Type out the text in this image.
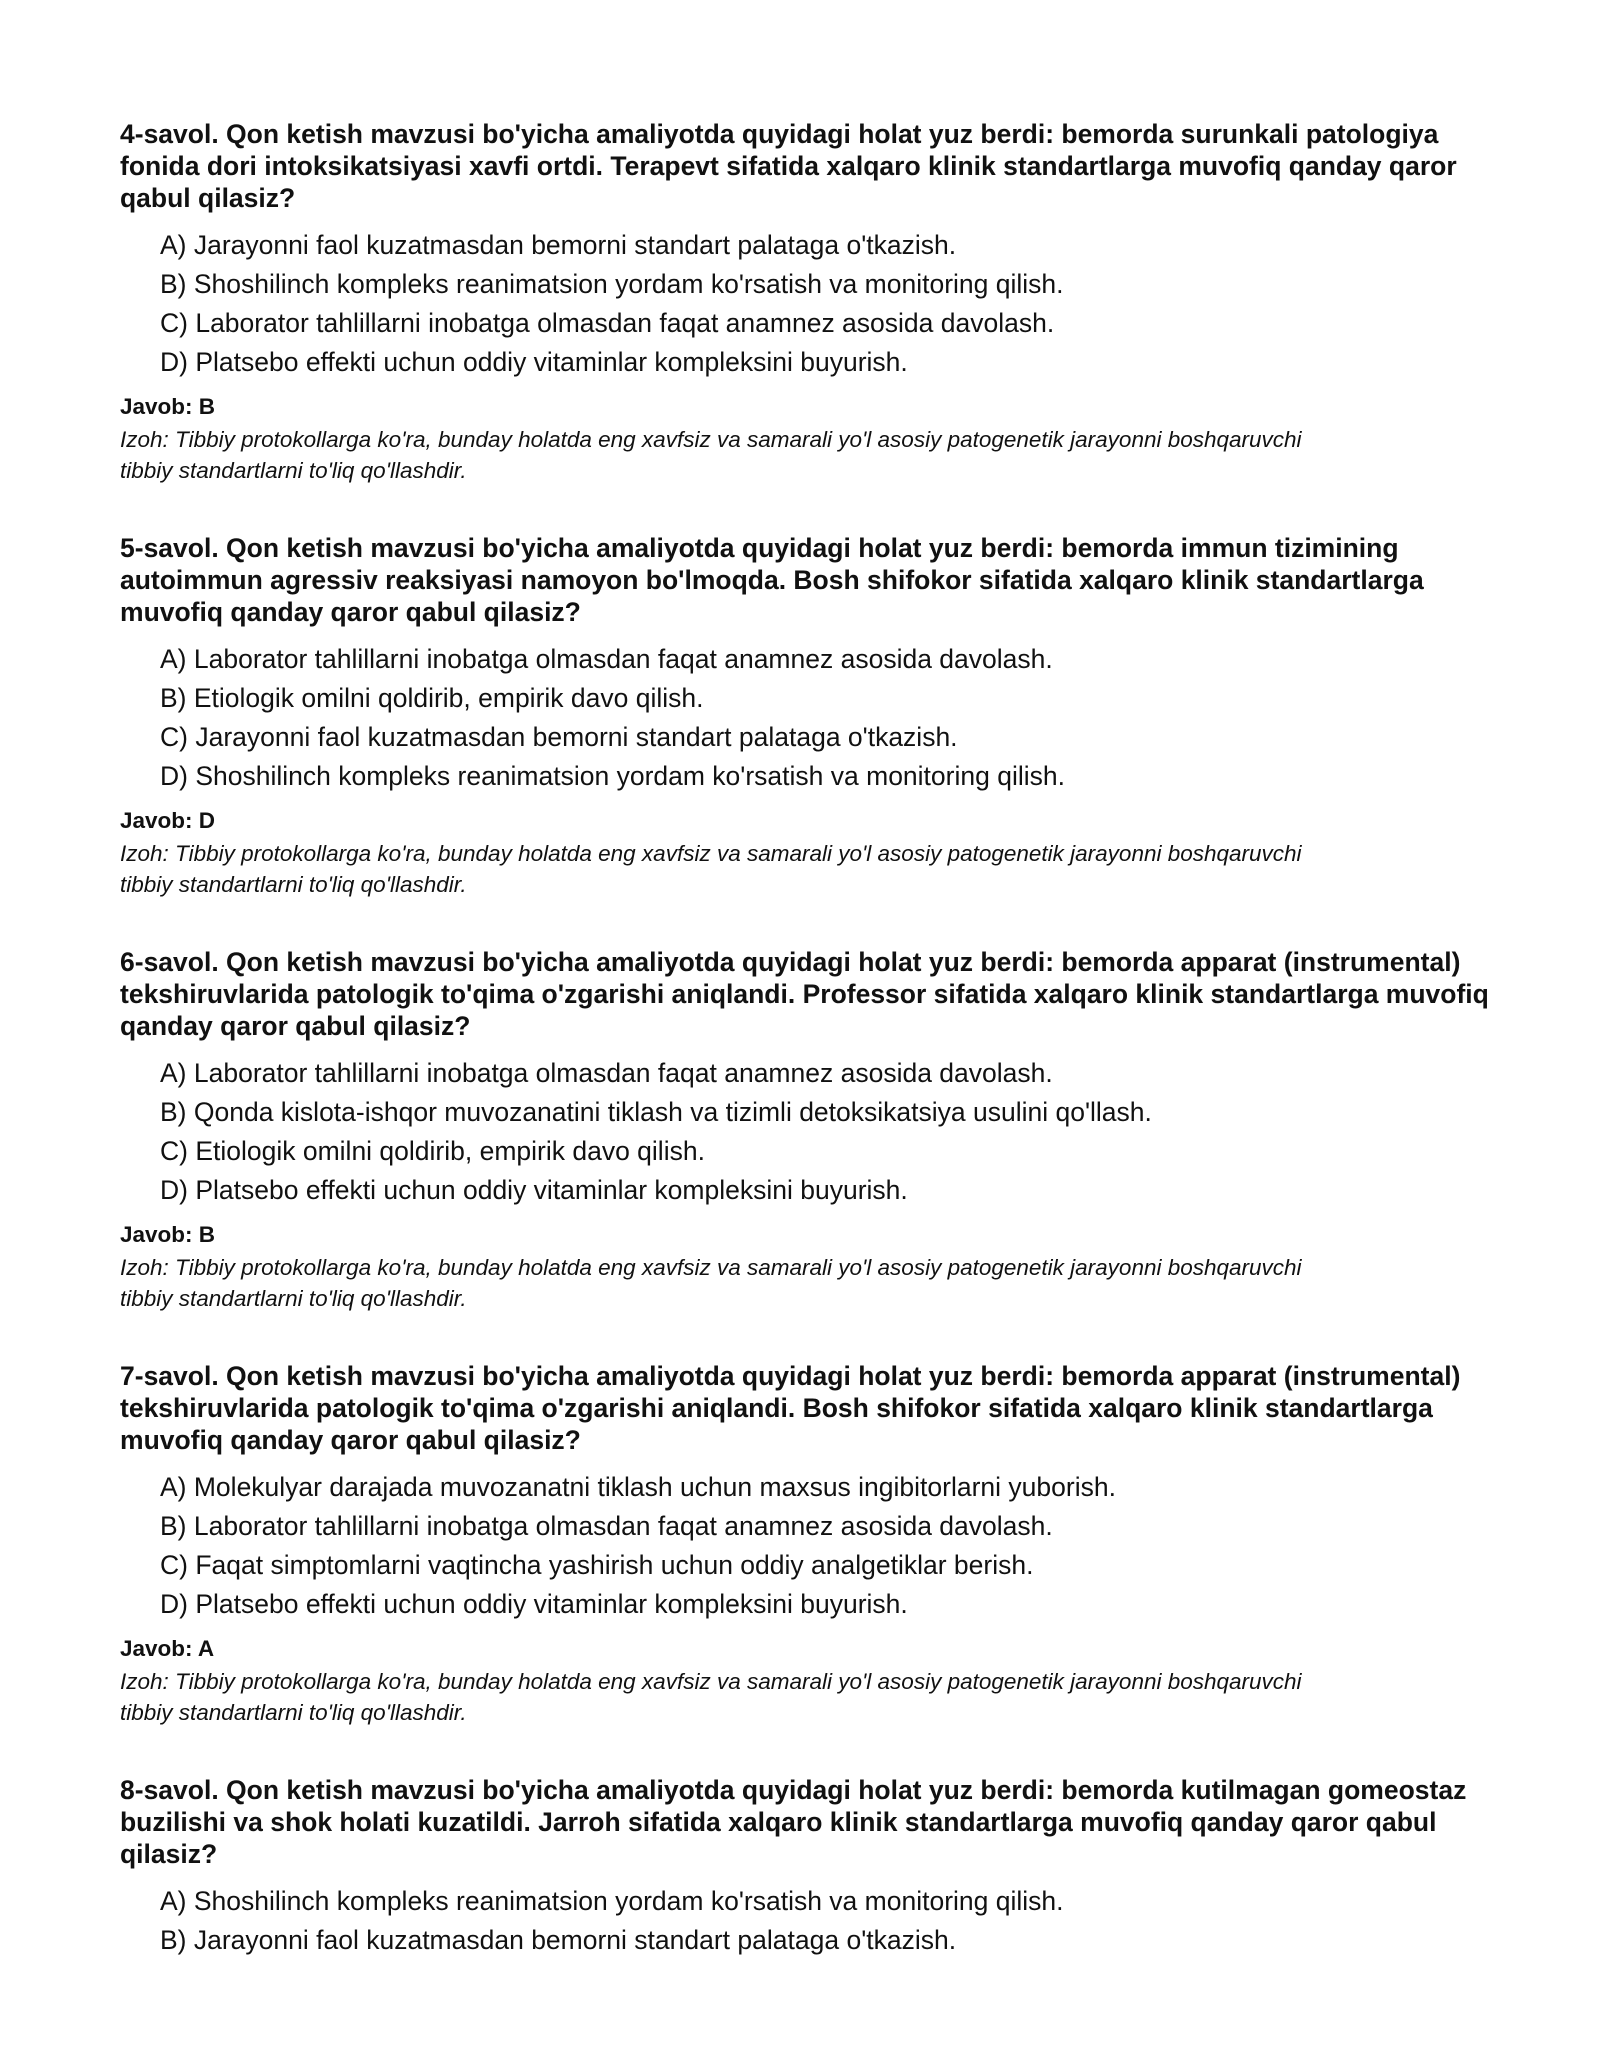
4-savol. Qon ketish mavzusi bo'yicha amaliyotda quyidagi holat yuz berdi: bemorda surunkali patologiya fonida dori intoksikatsiyasi xavfi ortdi. Terapevt sifatida xalqaro klinik standartlarga muvofiq qanday qaror qabul qilasiz?
A) Jarayonni faol kuzatmasdan bemorni standart palataga o'tkazish.
B) Shoshilinch kompleks reanimatsion yordam ko'rsatish va monitoring qilish.
C) Laborator tahlillarni inobatga olmasdan faqat anamnez asosida davolash.
D) Platsebo effekti uchun oddiy vitaminlar kompleksini buyurish.
Javob: B
Izoh: Tibbiy protokollarga ko'ra, bunday holatda eng xavfsiz va samarali yo'l asosiy patogenetik jarayonni boshqaruvchi tibbiy standartlarni to'liq qo'llashdir.
5-savol. Qon ketish mavzusi bo'yicha amaliyotda quyidagi holat yuz berdi: bemorda immun tizimining autoimmun agressiv reaksiyasi namoyon bo'lmoqda. Bosh shifokor sifatida xalqaro klinik standartlarga muvofiq qanday qaror qabul qilasiz?
A) Laborator tahlillarni inobatga olmasdan faqat anamnez asosida davolash.
B) Etiologik omilni qoldirib, empirik davo qilish.
C) Jarayonni faol kuzatmasdan bemorni standart palataga o'tkazish.
D) Shoshilinch kompleks reanimatsion yordam ko'rsatish va monitoring qilish.
Javob: D
Izoh: Tibbiy protokollarga ko'ra, bunday holatda eng xavfsiz va samarali yo'l asosiy patogenetik jarayonni boshqaruvchi tibbiy standartlarni to'liq qo'llashdir.
6-savol. Qon ketish mavzusi bo'yicha amaliyotda quyidagi holat yuz berdi: bemorda apparat (instrumental) tekshiruvlarida patologik to'qima o'zgarishi aniqlandi. Professor sifatida xalqaro klinik standartlarga muvofiq qanday qaror qabul qilasiz?
A) Laborator tahlillarni inobatga olmasdan faqat anamnez asosida davolash.
B) Qonda kislota-ishqor muvozanatini tiklash va tizimli detoksikatsiya usulini qo'llash.
C) Etiologik omilni qoldirib, empirik davo qilish.
D) Platsebo effekti uchun oddiy vitaminlar kompleksini buyurish.
Javob: B
Izoh: Tibbiy protokollarga ko'ra, bunday holatda eng xavfsiz va samarali yo'l asosiy patogenetik jarayonni boshqaruvchi tibbiy standartlarni to'liq qo'llashdir.
7-savol. Qon ketish mavzusi bo'yicha amaliyotda quyidagi holat yuz berdi: bemorda apparat (instrumental) tekshiruvlarida patologik to'qima o'zgarishi aniqlandi. Bosh shifokor sifatida xalqaro klinik standartlarga muvofiq qanday qaror qabul qilasiz?
A) Molekulyar darajada muvozanatni tiklash uchun maxsus ingibitorlarni yuborish.
B) Laborator tahlillarni inobatga olmasdan faqat anamnez asosida davolash.
C) Faqat simptomlarni vaqtincha yashirish uchun oddiy analgetiklar berish.
D) Platsebo effekti uchun oddiy vitaminlar kompleksini buyurish.
Javob: A
Izoh: Tibbiy protokollarga ko'ra, bunday holatda eng xavfsiz va samarali yo'l asosiy patogenetik jarayonni boshqaruvchi tibbiy standartlarni to'liq qo'llashdir.
8-savol. Qon ketish mavzusi bo'yicha amaliyotda quyidagi holat yuz berdi: bemorda kutilmagan gomeostaz buzilishi va shok holati kuzatildi. Jarroh sifatida xalqaro klinik standartlarga muvofiq qanday qaror qabul qilasiz?
A) Shoshilinch kompleks reanimatsion yordam ko'rsatish va monitoring qilish.
B) Jarayonni faol kuzatmasdan bemorni standart palataga o'tkazish.
